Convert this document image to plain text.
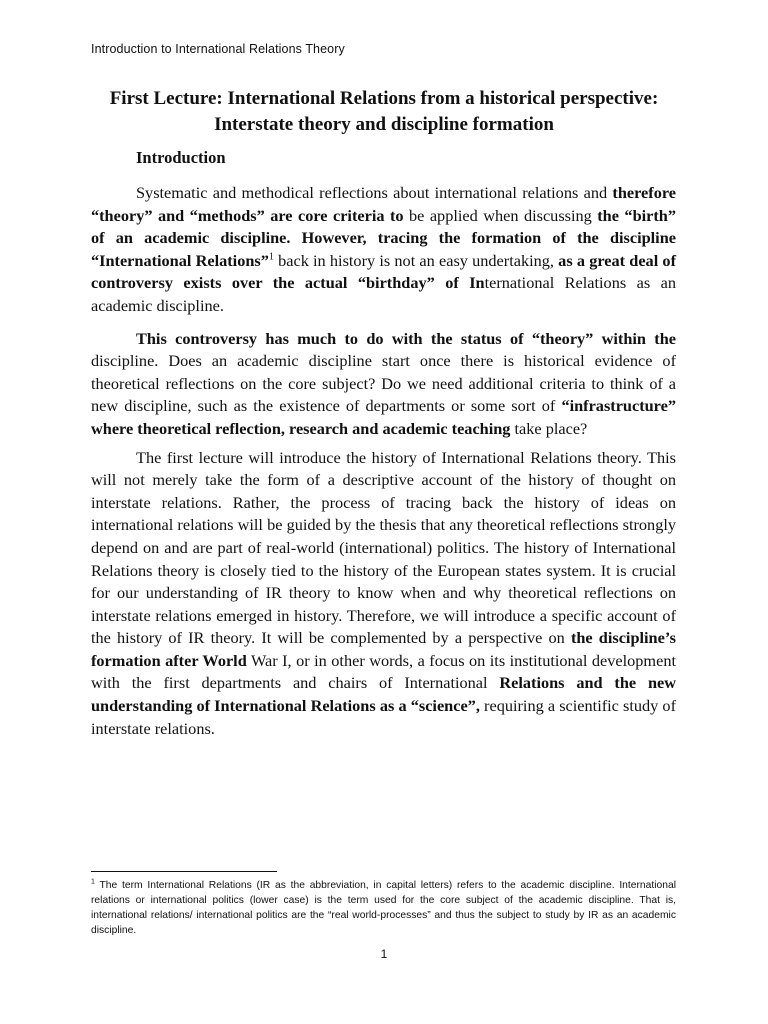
Introduction to International Relations Theory
First Lecture: International Relations from a historical perspective: Interstate theory and discipline formation
Introduction

Systematic and methodical reflections about international relations and therefore “theory” and “methods” are core criteria to be applied when discussing the “birth” of an academic discipline. However, tracing the formation of the discipline “International Relations”$^1$ back in history is not an easy undertaking, as a great deal of controversy exists over the actual “birthday” of International Relations as an academic discipline.

This controversy has much to do with the status of “theory” within the discipline. Does an academic discipline start once there is historical evidence of theoretical reflections on the core subject? Do we need additional criteria to think of a new discipline, such as the existence of departments or some sort of “infrastructure” where theoretical reflection, research and academic teaching take place?

The first lecture will introduce the history of International Relations theory. This will not merely take the form of a descriptive account of the history of thought on interstate relations. Rather, the process of tracing back the history of ideas on international relations will be guided by the thesis that any theoretical reflections strongly depend on and are part of real-world (international) politics. The history of International Relations theory is closely tied to the history of the European states system. It is crucial for our understanding of IR theory to know when and why theoretical reflections on interstate relations emerged in history. Therefore, we will introduce a specific account of the history of IR theory. It will be complemented by a perspective on the discipline’s formation after World War I, or in other words, a focus on its institutional development with the first departments and chairs of International Relations and the new understanding of International Relations as a “science”, requiring a scientific study of interstate relations.

$^1$ The term International Relations (IR as the abbreviation, in capital letters) refers to the academic discipline. International relations or international politics (lower case) is the term used for the core subject of the academic discipline. That is, international relations/ international politics are the “real world-processes” and thus the subject to study by IR as an academic discipline.
1
